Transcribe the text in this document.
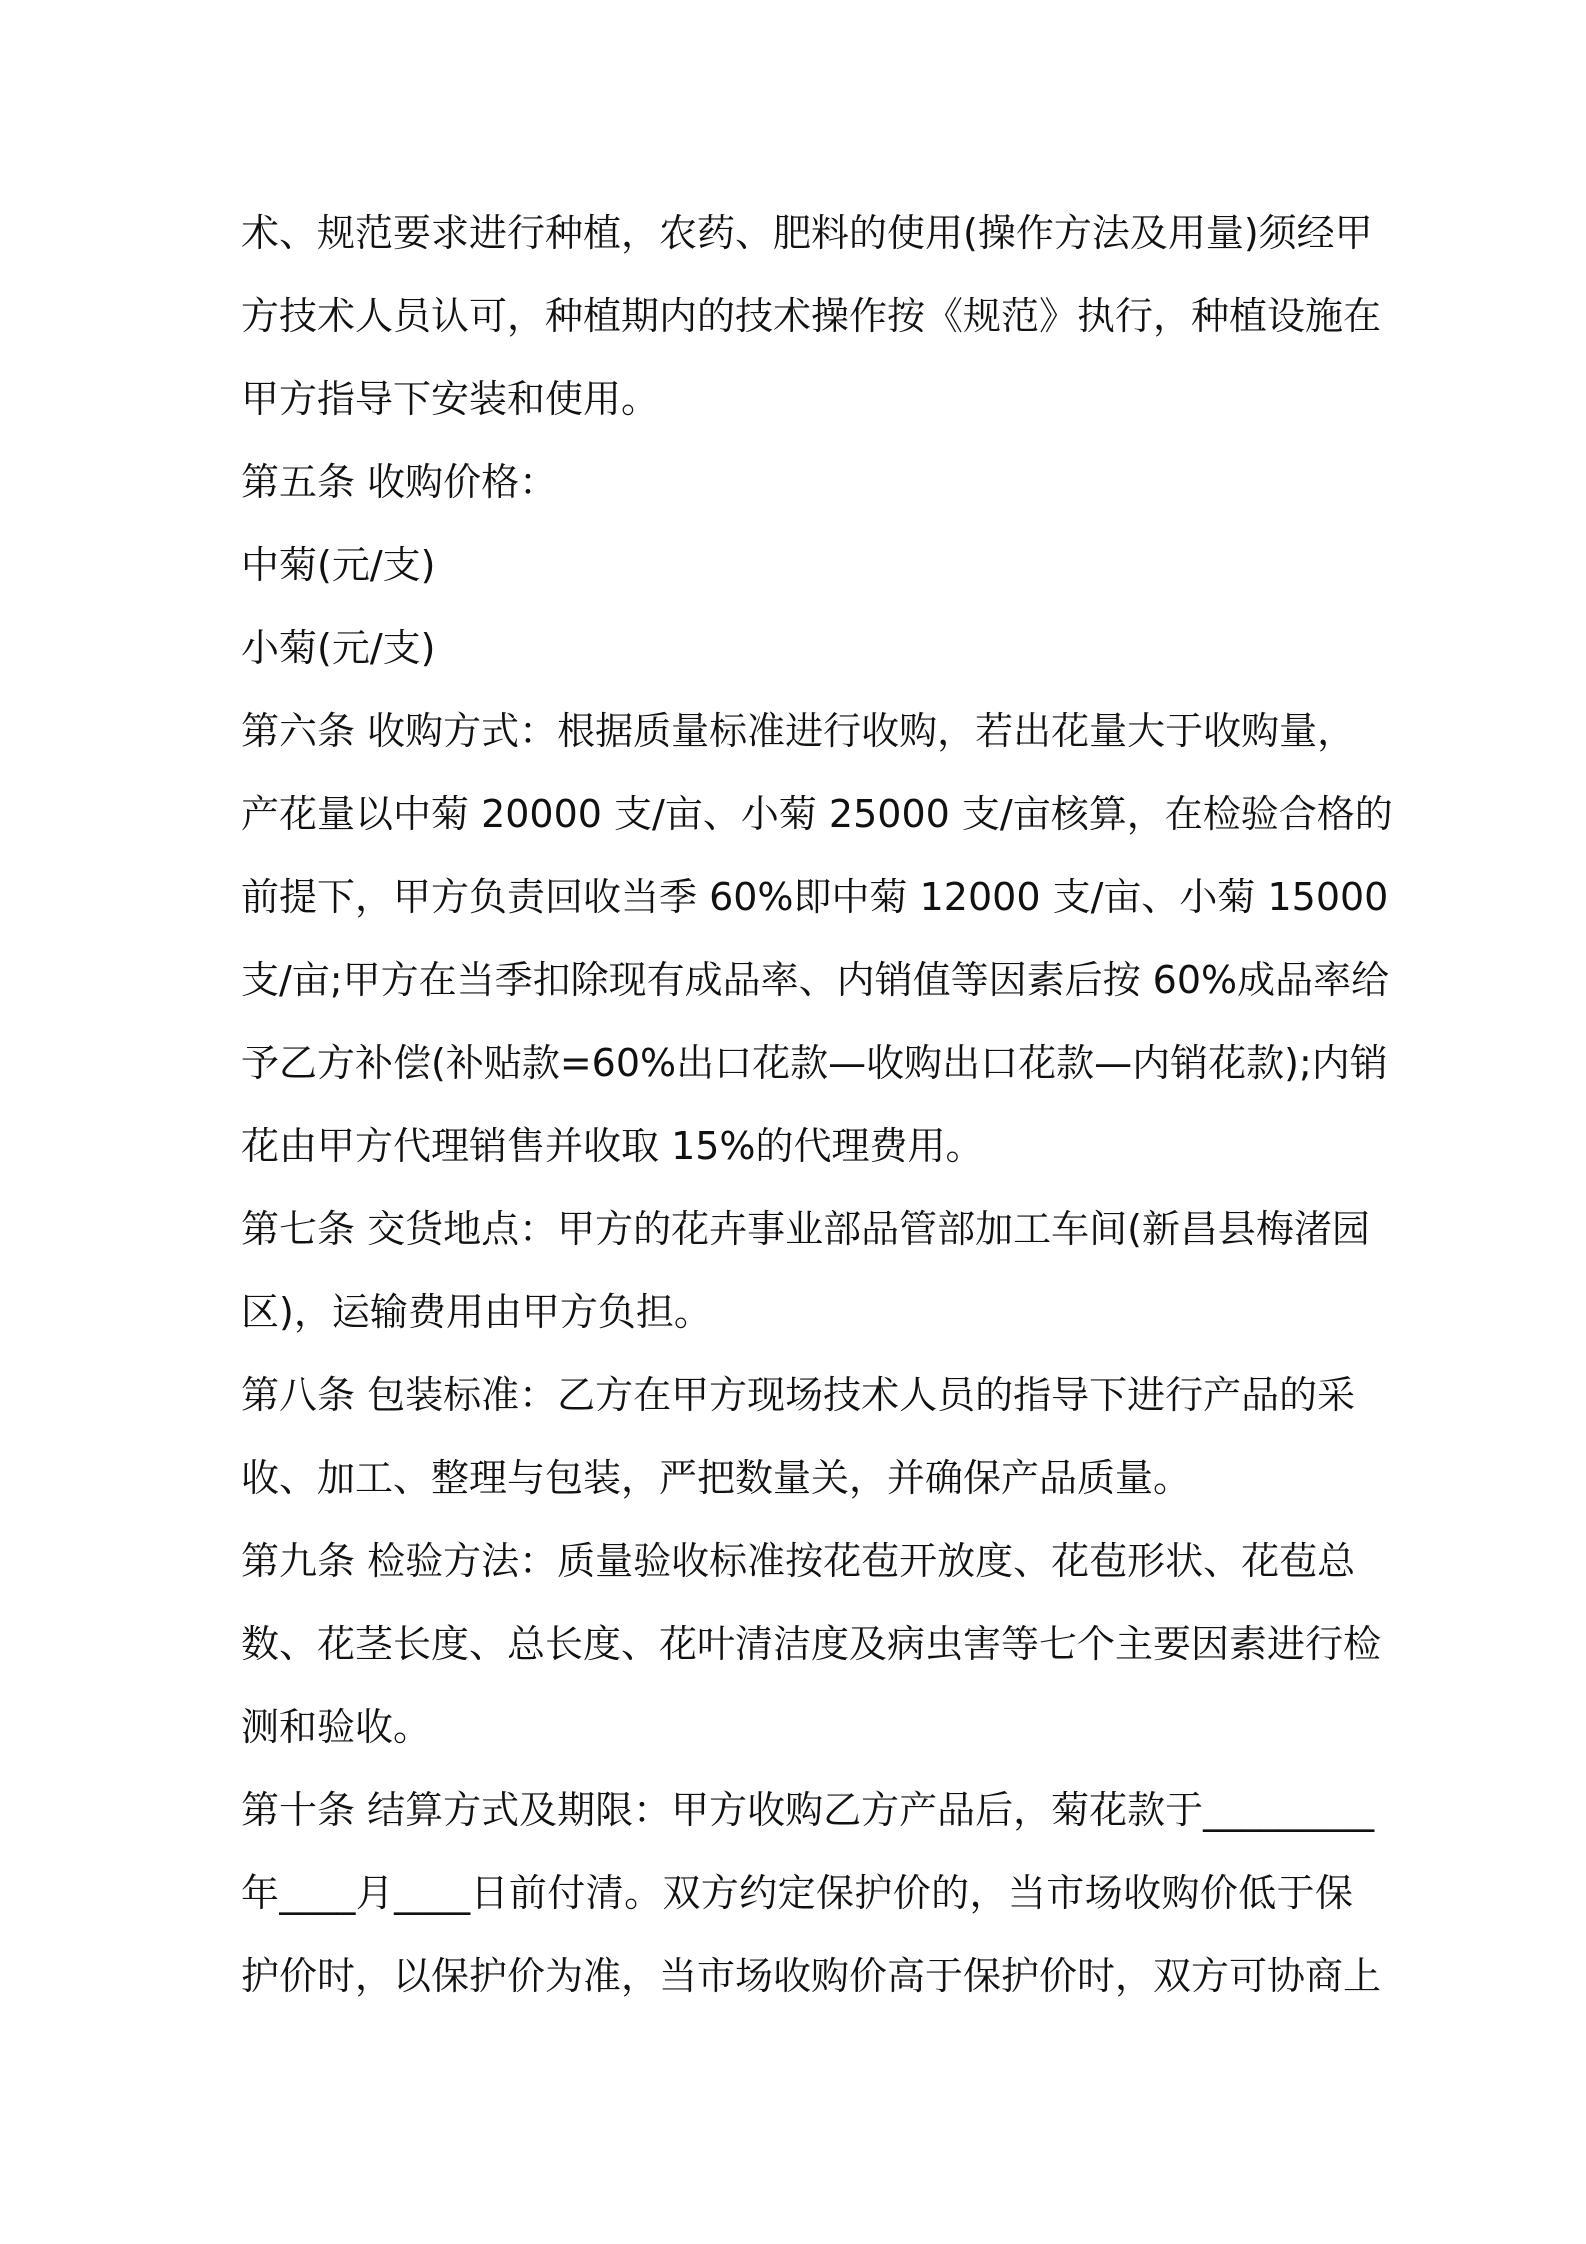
术、规范要求进行种植，农药、肥料的使用(操作方法及用量)须经甲
方技术人员认可，种植期内的技术操作按《规范》执行，种植设施在
甲方指导下安装和使用。
第五条 收购价格：
中菊(元/支)
小菊(元/支)
第六条 收购方式：根据质量标准进行收购，若出花量大于收购量，
产花量以中菊 20000 支/亩、小菊 25000 支/亩核算，在检验合格的
前提下，甲方负责回收当季 60%即中菊 12000 支/亩、小菊 15000
支/亩;甲方在当季扣除现有成品率、内销值等因素后按 60%成品率给
予乙方补偿(补贴款=60%出口花款—收购出口花款—内销花款);内销
花由甲方代理销售并收取 15%的代理费用。
第七条 交货地点：甲方的花卉事业部品管部加工车间(新昌县梅渚园
区)，运输费用由甲方负担。
第八条 包装标准：乙方在甲方现场技术人员的指导下进行产品的采
收、加工、整理与包装，严把数量关，并确保产品质量。
第九条 检验方法：质量验收标准按花苞开放度、花苞形状、花苞总
数、花茎长度、总长度、花叶清洁度及病虫害等七个主要因素进行检
测和验收。
第十条 结算方式及期限：甲方收购乙方产品后，菊花款于_________
年____月____日前付清。双方约定保护价的，当市场收购价低于保
护价时，以保护价为准，当市场收购价高于保护价时，双方可协商上
